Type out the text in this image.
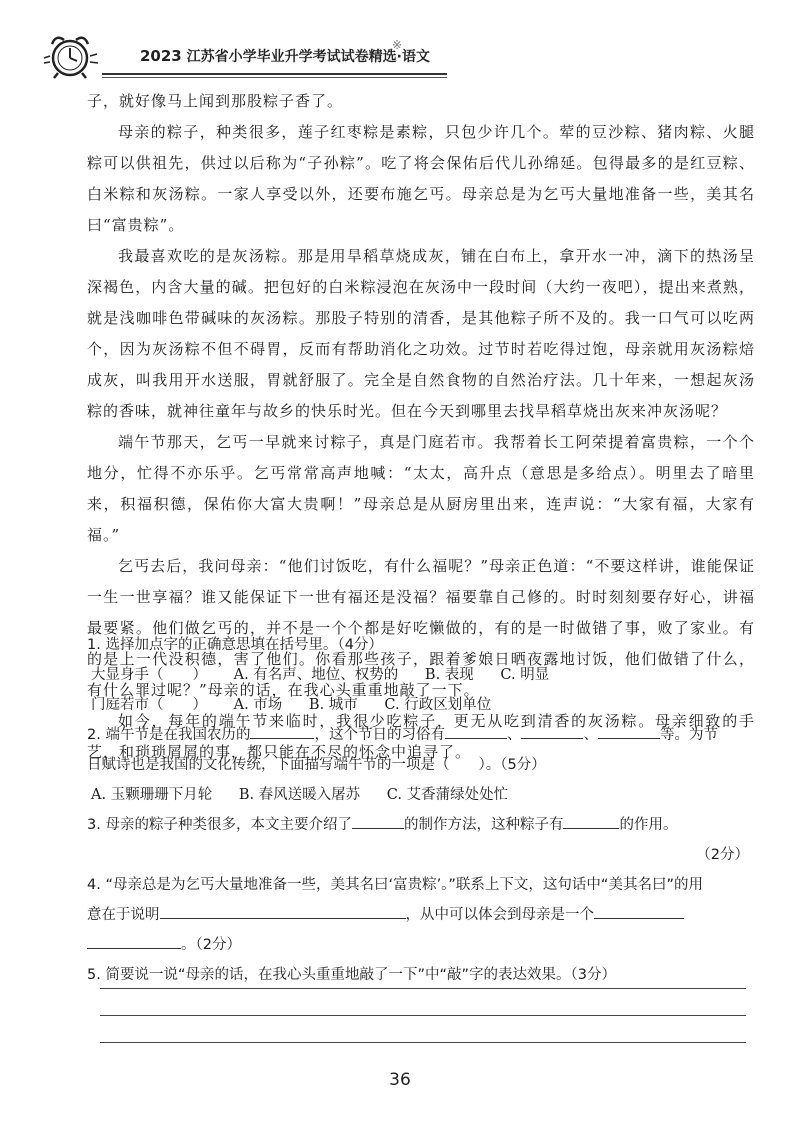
2023 江苏省小学毕业升学考试试卷精选·语文
※

子，就好像马上闻到那股粽子香了。

母亲的粽子，种类很多，莲子红枣粽是素粽，只包少许几个。荤的豆沙粽、猪肉粽、火腿粽可以供祖先，供过以后称为“子孙粽”。吃了将会保佑后代儿孙绵延。包得最多的是红豆粽、白米粽和灰汤粽。一家人享受以外，还要布施乞丐。母亲总是为乞丐大量地准备一些，美其名曰“富贵粽”。

我最喜欢吃的是灰汤粽。那是用旱稻草烧成灰，铺在白布上，拿开水一冲，滴下的热汤呈深褐色，内含大量的碱。把包好的白米粽浸泡在灰汤中一段时间（大约一夜吧），提出来煮熟，就是浅咖啡色带碱味的灰汤粽。那股子特别的清香，是其他粽子所不及的。我一口气可以吃两个，因为灰汤粽不但不碍胃，反而有帮助消化之功效。过节时若吃得过饱，母亲就用灰汤粽焙成灰，叫我用开水送服，胃就舒服了。完全是自然食物的自然治疗法。几十年来，一想起灰汤粽的香味，就神往童年与故乡的快乐时光。但在今天到哪里去找旱稻草烧出灰来冲灰汤呢？

端午节那天，乞丐一早就来讨粽子，真是门庭若市。我帮着长工阿荣提着富贵粽，一个个地分，忙得不亦乐乎。乞丐常常高声地喊：“太太，高升点（意思是多给点）。明里去了暗里来，积福积德，保佑你大富大贵啊！”母亲总是从厨房里出来，连声说：“大家有福，大家有福。”

乞丐去后，我问母亲：“他们讨饭吃，有什么福呢？”母亲正色道：“不要这样讲，谁能保证一生一世享福？谁又能保证下一世有福还是没福？福要靠自己修的。时时刻刻要存好心，讲福最要紧。他们做乞丐的，并不是一个个都是好吃懒做的，有的是一时做错了事，败了家业。有的是上一代没积德，害了他们。你看那些孩子，跟着爹娘日晒夜露地讨饭，他们做错了什么，有什么罪过呢？”母亲的话，在我心头重重地敲了一下。

如今，每年的端午节来临时，我很少吃粽子，更无从吃到清香的灰汤粽。母亲细致的手艺，和琐琐屑屑的事，都只能在不尽的怀念中追寻了。

1. 选择加点字的正确意思填在括号里。（4分）
大显身手（　　） A. 有名声、地位、权势的 B. 表现 C. 明显
门庭若市（　　） A. 市场 B. 城市 C. 行政区划单位
2. 端午节是在我国农历的	，这个节日的习俗有	、	、	等。为节
日赋诗也是我国的文化传统，下面描写端午节的一项是（　　）。（5分）
A. 玉颗珊珊下月轮 B. 春风送暖入屠苏 C. 艾香蒲绿处处忙
3. 母亲的粽子种类很多，本文主要介绍了	的制作方法，这种粽子有	的作用。
（2分）
4. “母亲总是为乞丐大量地准备一些，美其名曰‘富贵粽’。”联系上下文，这句话中“美其名曰”的用
意在于说明	，从中可以体会到母亲是一个
。（2分）
5. 简要说一说“母亲的话，在我心头重重地敲了一下”中“敲”字的表达效果。（3分）
36
